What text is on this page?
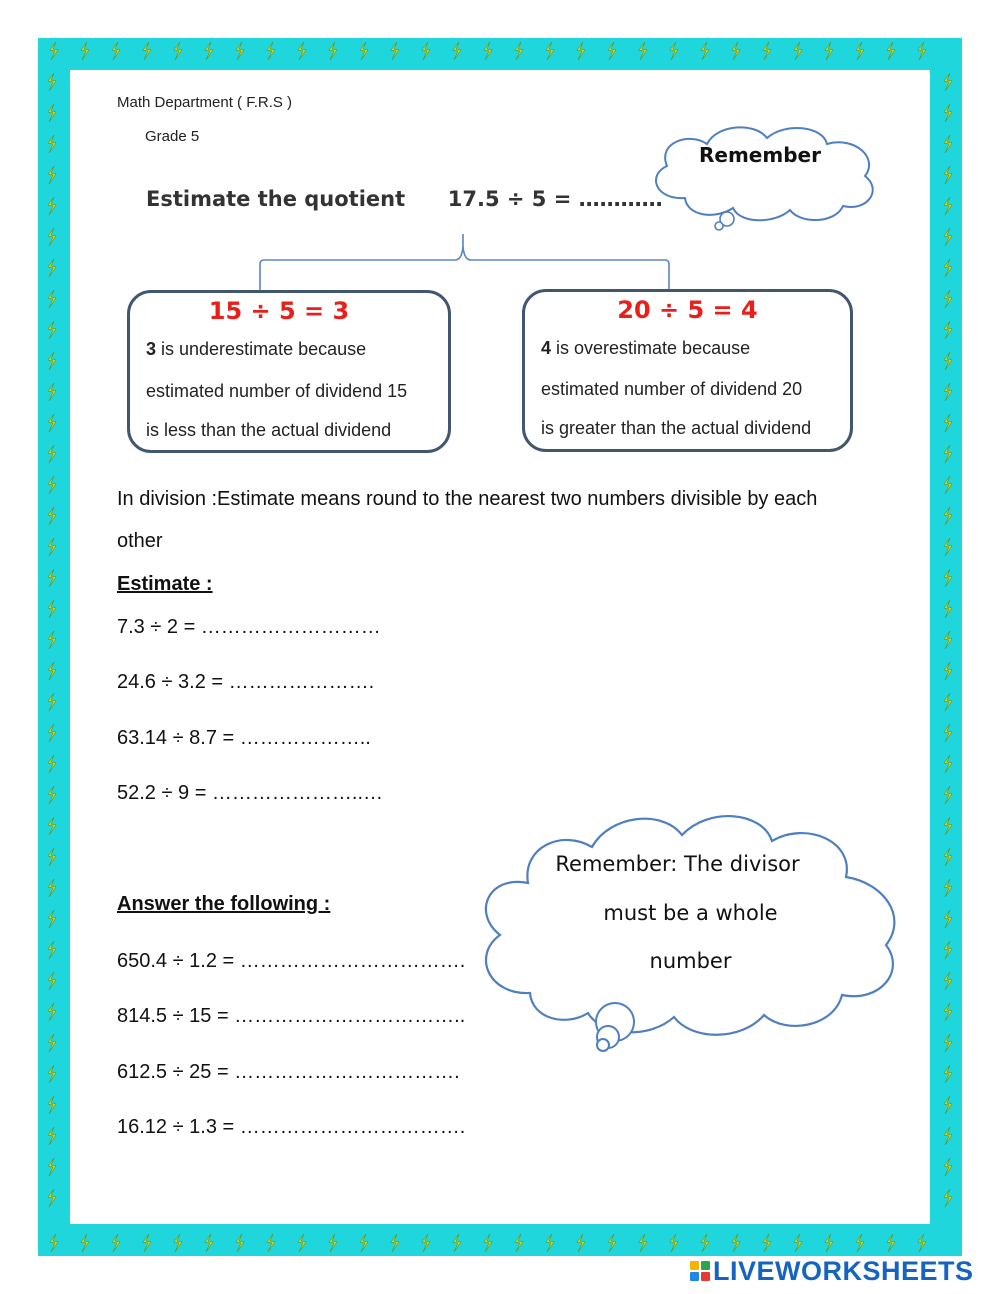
Math Department ( F.R.S )
Grade 5
Remember
Estimate the quotient 17.5 ÷ 5 = …………
15 ÷ 5 = 3
3 is underestimate because
estimated number of dividend 15
is less than the actual dividend
20 ÷ 5 = 4
4 is overestimate because
estimated number of dividend 20
is greater than the actual dividend
In division :Estimate means round to the nearest two numbers divisible by each
other
Estimate :
7.3 ÷ 2 = ………………………
24.6 ÷ 3.2 = ………………….
63.14 ÷ 8.7 = ………………..
52.2 ÷ 9 = …………………..…
Answer the following :
650.4 ÷ 1.2 = …………………………….
814.5 ÷ 15 = ……………………………..
612.5 ÷ 25 = …………………………….
16.12 ÷ 1.3 = …………………………….
Remember: The divisor
must be a whole
number
LIVEWORKSHEETS
